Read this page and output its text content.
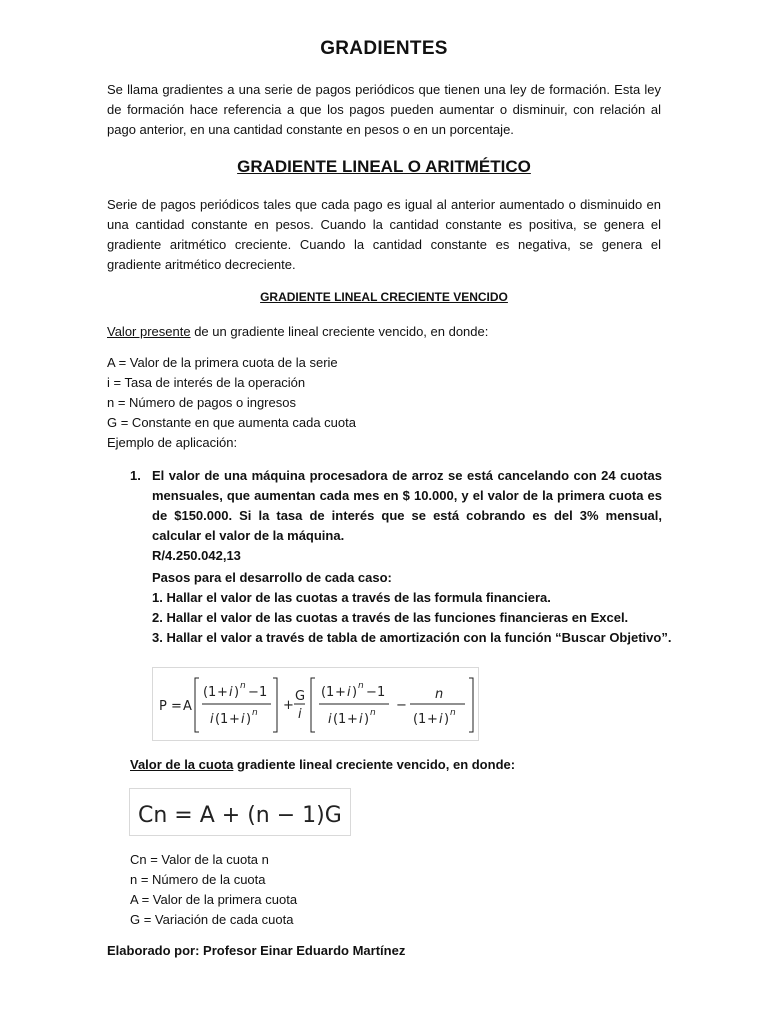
GRADIENTES
Se llama gradientes a una serie de pagos periódicos que tienen una ley de formación. Esta ley de formación hace referencia a que los pagos pueden aumentar o disminuir, con relación al pago anterior, en una cantidad constante en pesos o en un porcentaje.
GRADIENTE LINEAL O ARITMÉTICO
Serie de pagos periódicos tales que cada pago es igual al anterior aumentado o disminuido en una cantidad constante en pesos. Cuando la cantidad constante es positiva, se genera el gradiente aritmético creciente. Cuando la cantidad constante es negativa, se genera el gradiente aritmético decreciente.
GRADIENTE LINEAL CRECIENTE VENCIDO
Valor presente de un gradiente lineal creciente vencido, en donde:
A = Valor de la primera cuota de la serie
i = Tasa de interés de la operación
n = Número de pagos o ingresos
G = Constante en que aumenta cada cuota
Ejemplo de aplicación:
1. El valor de una máquina procesadora de arroz se está cancelando con 24 cuotas mensuales, que aumentan cada mes en $ 10.000, y el valor de la primera cuota es de $150.000. Si la tasa de interés que se está cobrando es del 3% mensual, calcular el valor de la máquina.
R/4.250.042,13
Pasos para el desarrollo de cada caso:
1. Hallar el valor de las cuotas a través de las formula financiera.
2. Hallar el valor de las cuotas a través de las funciones financieras en Excel.
3. Hallar el valor a través de tabla de amortización con la función “Buscar Objetivo”.
P = A
( 1 + i ) n − 1
i ( 1 + i ) n +
G
i
( 1 + i ) n − 1
i ( 1 + i ) n −
n
( 1 + i ) n
Valor de la cuota gradiente lineal creciente vencido, en donde:
Cn = A + (n − 1)G
Cn = Valor de la cuota n
n = Número de la cuota
A = Valor de la primera cuota
G = Variación de cada cuota
Elaborado por: Profesor Einar Eduardo Martínez
